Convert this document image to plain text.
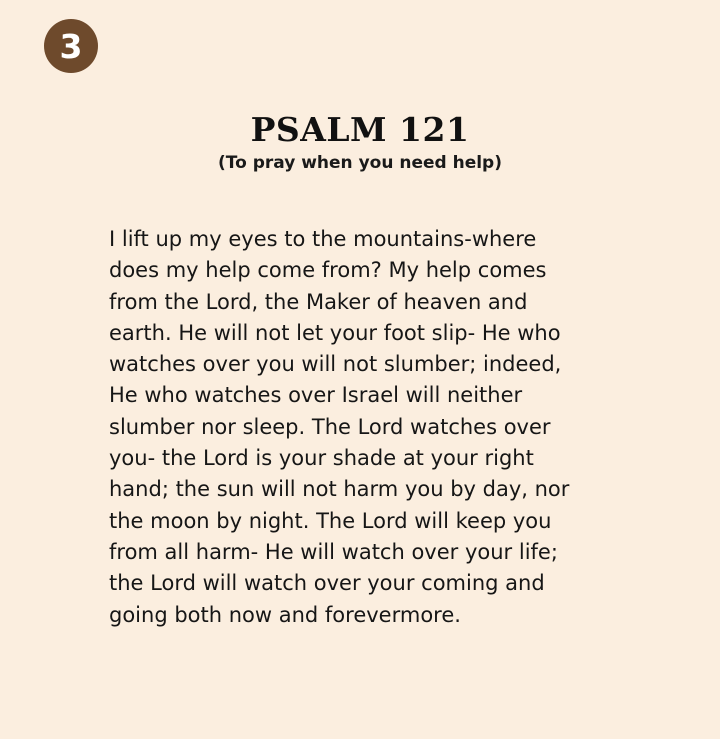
3
PSALM 121

(To pray when you need help)

I lift up my eyes to the mountains-where
does my help come from? My help comes
from the Lord, the Maker of heaven and
earth. He will not let your foot slip- He who
watches over you will not slumber; indeed,
He who watches over Israel will neither
slumber nor sleep. The Lord watches over
you- the Lord is your shade at your right
hand; the sun will not harm you by day, nor
the moon by night. The Lord will keep you
from all harm- He will watch over your life;
the Lord will watch over your coming and
going both now and forevermore.
